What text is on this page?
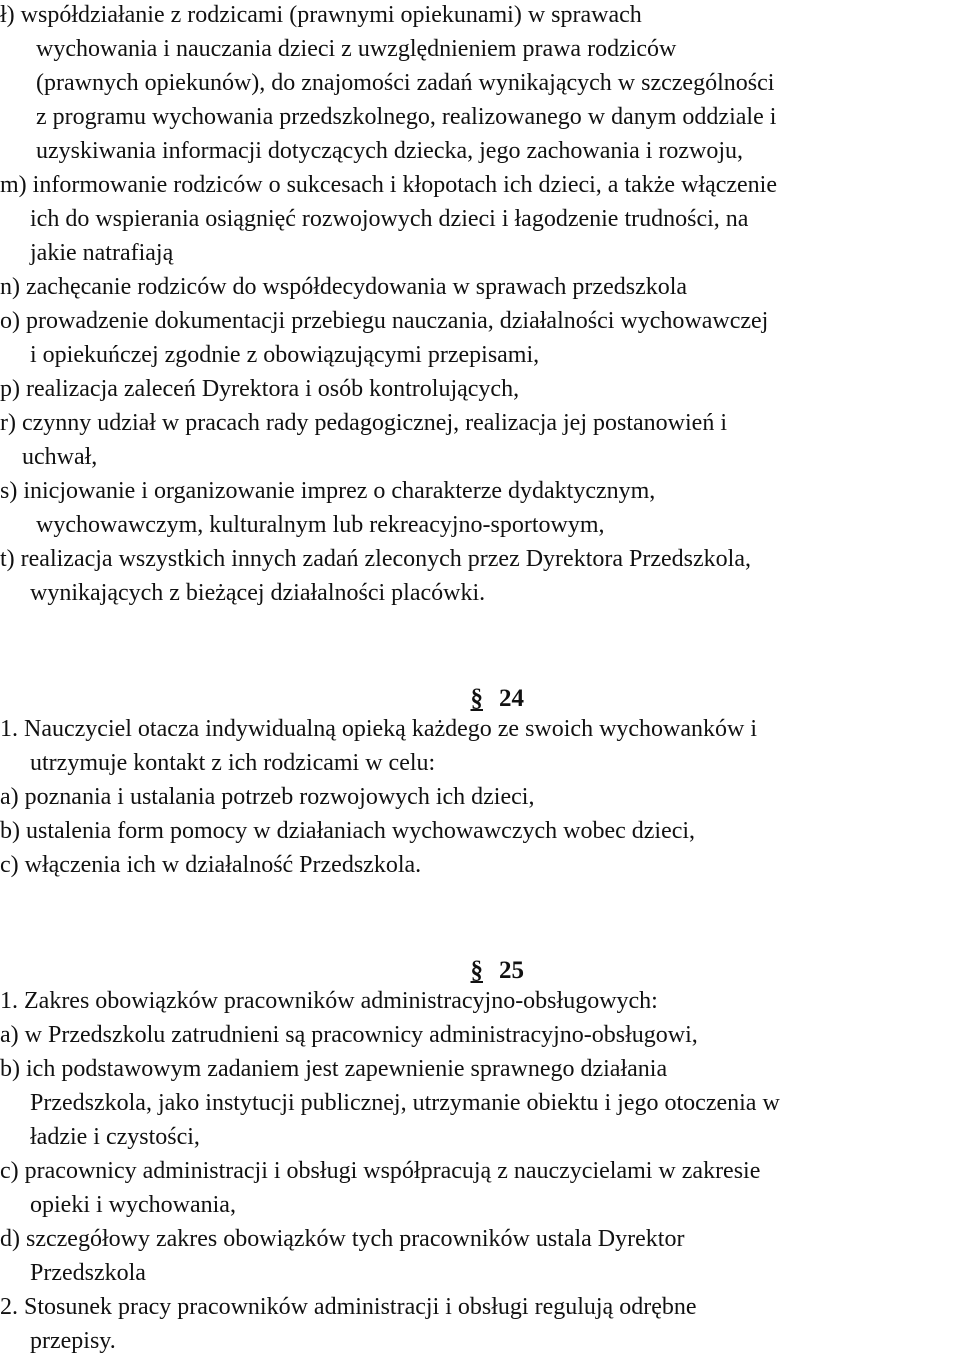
ł) współdziałanie z rodzicami (prawnymi opiekunami) w sprawach
wychowania i nauczania dzieci z uwzględnieniem prawa rodziców
(prawnych opiekunów), do znajomości zadań wynikających w szczególności
z programu wychowania przedszkolnego, realizowanego w danym oddziale i
uzyskiwania informacji dotyczących dziecka, jego zachowania i rozwoju,
m) informowanie rodziców o sukcesach i kłopotach ich dzieci, a także włączenie
ich do wspierania osiągnięć rozwojowych dzieci i łagodzenie trudności, na
jakie natrafiają
n) zachęcanie rodziców do współdecydowania w sprawach przedszkola
o) prowadzenie dokumentacji przebiegu nauczania, działalności wychowawczej
i opiekuńczej zgodnie z obowiązującymi przepisami,
p) realizacja zaleceń Dyrektora i osób kontrolujących,
r) czynny udział w pracach rady pedagogicznej, realizacja jej postanowień i
uchwał,
s) inicjowanie i organizowanie imprez o charakterze dydaktycznym,
wychowawczym, kulturalnym lub rekreacyjno-sportowym,
t) realizacja wszystkich innych zadań zleconych przez Dyrektora Przedszkola,
wynikających z bieżącej działalności placówki.

§ 24

1. Nauczyciel otacza indywidualną opieką każdego ze swoich wychowanków i
utrzymuje kontakt z ich rodzicami w celu:
a) poznania i ustalania potrzeb rozwojowych ich dzieci,
b) ustalenia form pomocy w działaniach wychowawczych wobec dzieci,
c) włączenia ich w działalność Przedszkola.

§ 25

1. Zakres obowiązków pracowników administracyjno-obsługowych:
a) w Przedszkolu zatrudnieni są pracownicy administracyjno-obsługowi,
b) ich podstawowym zadaniem jest zapewnienie sprawnego działania
Przedszkola, jako instytucji publicznej, utrzymanie obiektu i jego otoczenia w
ładzie i czystości,
c) pracownicy administracji i obsługi współpracują z nauczycielami w zakresie
opieki i wychowania,
d) szczegółowy zakres obowiązków tych pracowników ustala Dyrektor
Przedszkola
2. Stosunek pracy pracowników administracji i obsługi regulują odrębne
przepisy.
